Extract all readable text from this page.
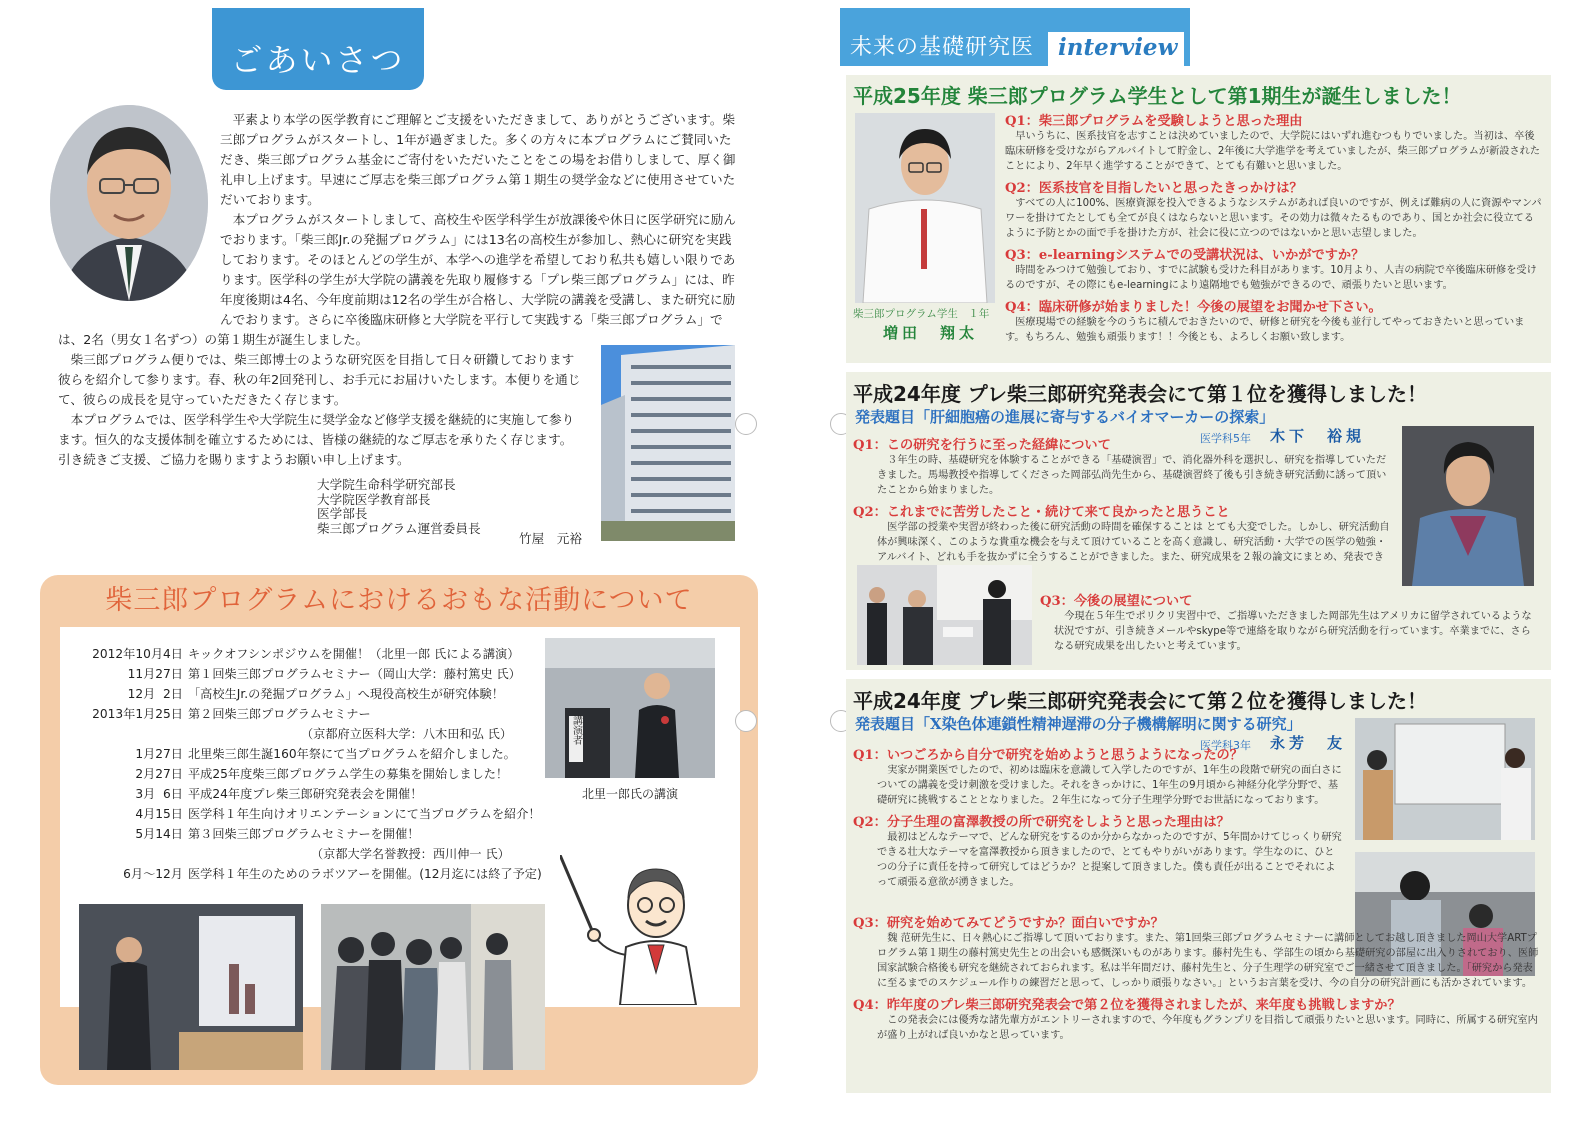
ごあいさつ

平素より本学の医学教育にご理解とご支援をいただきまして、ありがとうございます。柴三郎プログラムがスタートし、1年が過ぎました。多くの方々に本プログラムにご賛同いただき、柴三郎プログラム基金にご寄付をいただいたことをこの場をお借りしまして、厚く御礼申し上げます。早速にご厚志を柴三郎プログラム第１期生の奨学金などに使用させていただいております。

本プログラムがスタートしまして、高校生や医学科学生が放課後や休日に医学研究に励んでおります。「柴三郎Jr.の発掘プログラム」には13名の高校生が参加し、熱心に研究を実践しております。そのほとんどの学生が、本学への進学を希望しており私共も嬉しい限りであります。医学科の学生が大学院の講義を先取り履修する「プレ柴三郎プログラム」には、昨年度後期は4名、今年度前期は12名の学生が合格し、大学院の講義を受講し、また研究に励んでおります。さらに卒後臨床研修と大学院を平行して実践する「柴三郎プログラム」では、2名（男女１名ずつ）の第１期生が誕生しました。

柴三郎プログラム便りでは、柴三郎博士のような研究医を目指して日々研鑽しております彼らを紹介して参ります。春、秋の年2回発刊し、お手元にお届けいたします。本便りを通じて、彼らの成長を見守っていただきたく存じます。

本プログラムでは、医学科学生や大学院生に奨学金など修学支援を継続的に実施して参ります。恒久的な支援体制を確立するためには、皆様の継続的なご厚志を承りたく存じます。引き続きご支援、ご協力を賜りますようお願い申し上げます。

大学院生命科学研究部長
大学院医学教育部長
医学部長
柴三郎プログラム運営委員長
竹屋　元裕
柴三郎プログラムにおけるおもな活動について
2012年10月4日 キックオフシンポジウムを開催！（北里一郎 氏による講演）
11月27日 第１回柴三郎プログラムセミナー（岡山大学：藤村篤史 氏）
12月  2日 「高校生Jr.の発掘プログラム」へ現役高校生が研究体験！
2013年1月25日 第２回柴三郎プログラムセミナー
（京都府立医科大学：八木田和弘 氏）
1月27日 北里柴三郎生誕160年祭にて当プログラムを紹介しました。
2月27日 平成25年度柴三郎プログラム学生の募集を開始しました！
3月  6日 平成24年度プレ柴三郎研究発表会を開催！
4月15日 医学科１年生向けオリエンテーションにて当プログラムを紹介！
5月14日 第３回柴三郎プログラムセミナーを開催！
（京都大学名誉教授：西川伸一 氏）
6月～12月 医学科１年生のためのラボツアーを開催。(12月迄には終了予定)
講演者
北里一郎氏の講演
未来の基礎研究医	interview
平成25年度 柴三郎プログラム学生として第1期生が誕生しました！
柴三郎プログラム学生　１年
増田　翔太
Q1：柴三郎プログラムを受験しようと思った理由

早いうちに、医系技官を志すことは決めていましたので、大学院にはいずれ進むつもりでいました。当初は、卒後臨床研修を受けながらアルバイトして貯金し、2年後に大学進学を考えていましたが、柴三郎プログラムが新設されたことにより、2年早く進学することができて、とても有難いと思いました。

Q2：医系技官を目指したいと思ったきっかけは？

すべての人に100%、医療資源を投入できるようなシステムがあれば良いのですが、例えば難病の人に資源やマンパワーを掛けてたとしても全てが良くはならないと思います。その効力は微々たるものであり、国とか社会に役立てるように予防とかの面で手を掛けた方が、社会に役に立つのではないかと思い志望しました。

Q3：e-learningシステムでの受講状況は、いかがですか？

時間をみつけて勉強しており、すでに試験も受けた科目があります。10月より、人吉の病院で卒後臨床研修を受けるのですが、その際にもe-learningにより遠隔地でも勉強ができるので、頑張りたいと思います。

Q4：臨床研修が始まりました！今後の展望をお聞かせ下さい。

医療現場での経験を今のうちに積んでおきたいので、研修と研究を今後も並行してやっておきたいと思っています。もちろん、勉強も頑張ります！！今後とも、よろしくお願い致します。

平成24年度 プレ柴三郎研究発表会にて第１位を獲得しました！
発表題目「肝細胞癌の進展に寄与するバイオマーカーの探索」
医学科5年 木下　裕規
Q1：この研究を行うに至った経緯について

３年生の時、基礎研究を体験することができる「基礎演習」で、消化器外科を選択し、研究を指導していただきました。馬場教授や指導してくださった岡部弘尚先生から、基礎演習終了後も引き続き研究活動に誘って頂いたことから始まりました。

Q2：これまでに苦労したこと・続けて来て良かったと思うこと

医学部の授業や実習が終わった後に研究活動の時間を確保することは とても大変でした。しかし、研究活動自体が興味深く、このような貴重な機会を与えて頂けていることを高く意識し、研究活動・大学での医学の勉強・アルバイト、どれも手を抜かずに全うすることができました。また、研究成果を２報の論文にまとめ、発表でき

Q3：今後の展望について

今現在５年生でポリクリ実習中で、ご指導いただきました岡部先生はアメリカに留学されているような状況ですが、引き続きメールやskype等で連絡を取りながら研究活動を行っています。卒業までに、さらなる研究成果を出したいと考えています。

平成24年度 プレ柴三郎研究発表会にて第２位を獲得しました！
発表題目「X染色体連鎖性精神遅滞の分子機構解明に関する研究」
医学科3年 永芳　友
Q1：いつごろから自分で研究を始めようと思うようになったの？

実家が開業医でしたので、初めは臨床を意識して入学したのですが、1年生の段階で研究の面白さについての講義を受け刺激を受けました。それをきっかけに、1年生の9月頃から神経分化学分野で、基礎研究に挑戦することとなりました。２年生になって分子生理学分野でお世話になっております。

Q2：分子生理の富澤教授の所で研究をしようと思った理由は？

最初はどんなテーマで、どんな研究をするのか分からなかったのですが、5年間かけてじっくり研究できる壮大なテーマを富澤教授から頂きましたので、とてもやりがいがあります。学生なのに、ひとつの分子に責任を持って研究してはどうか？と提案して頂きました。僕も責任が出ることでそれによって頑張る意欲が湧きました。

Q3：研究を始めてみてどうですか？面白いですか？

魏 范研先生に、日々熱心にご指導して頂いております。また、第1回柴三郎プログラムセミナーに講師としてお越し頂きました岡山大学ARTプログラム第１期生の藤村篤史先生との出会いも感慨深いものがあります。藤村先生も、学部生の頃から基礎研究の部屋に出入りされており、医師国家試験合格後も研究を継続されておられます。私は半年間だけ、藤村先生と、分子生理学の研究室でご一緒させて頂きました。「研究から発表に至るまでのスケジュール作りの練習だと思って、しっかり頑張りなさい。」というお言葉を受け、今の自分の研究計画にも活かされています。

Q4：昨年度のプレ柴三郎研究発表会で第２位を獲得されましたが、来年度も挑戦しますか？

この発表会には優秀な諸先輩方がエントリーされますので、今年度もグランプリを目指して頑張りたいと思います。同時に、所属する研究室内が盛り上がれば良いかなと思っています。
